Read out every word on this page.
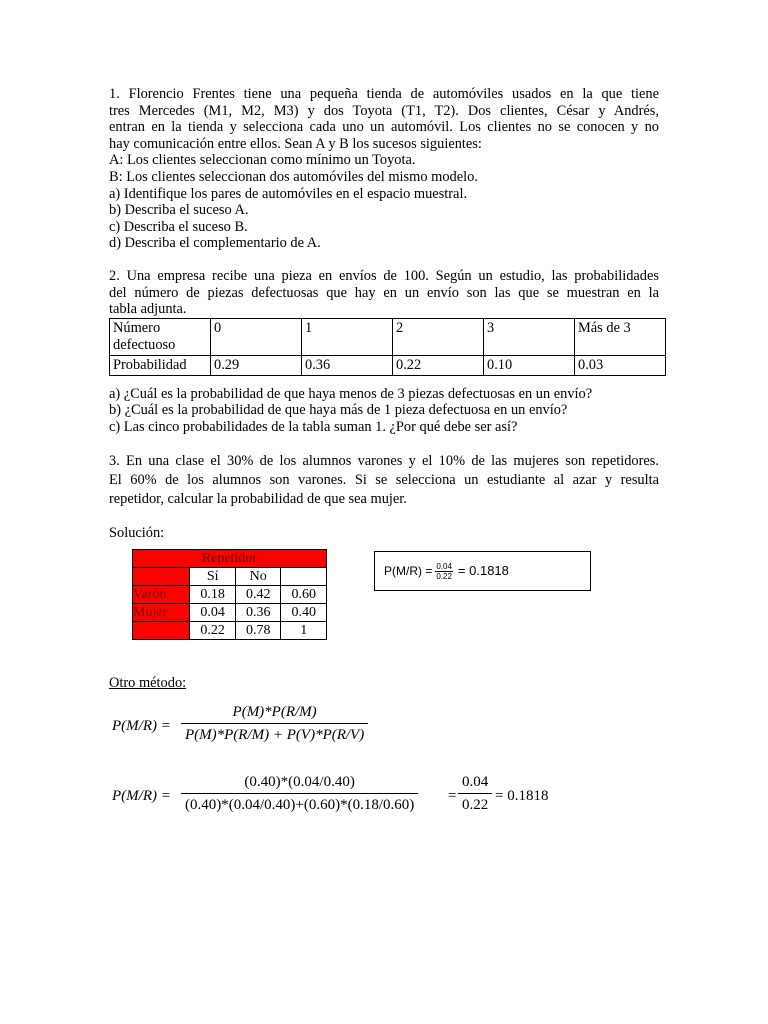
1. Florencio Frentes tiene una pequeña tienda de automóviles usados en la que tiene

tres Mercedes (M1, M2, M3) y dos Toyota (T1, T2). Dos clientes, César y Andrés,

entran en la tienda y selecciona cada uno un automóvil. Los clientes no se conocen y no

hay comunicación entre ellos. Sean A y B los sucesos siguientes:

A: Los clientes seleccionan como mínimo un Toyota.

B: Los clientes seleccionan dos automóviles del mismo modelo.

a) Identifique los pares de automóviles en el espacio muestral.

b) Describa el suceso A.

c) Describa el suceso B.

d) Describa el complementario de A.

2. Una empresa recibe una pieza en envíos de 100. Según un estudio, las probabilidades

del número de piezas defectuosas que hay en un envío son las que se muestran en la

tabla adjunta.

Número defectuoso	0	1	2	3	Más de 3
Probabilidad	0.29	0.36	0.22	0.10	0.03

a) ¿Cuál es la probabilidad de que haya menos de 3 piezas defectuosas en un envío?

b) ¿Cuál es la probabilidad de que haya más de 1 pieza defectuosa en un envío?

c) Las cinco probabilidades de la tabla suman 1. ¿Por qué debe ser así?

3. En una clase el 30% de los alumnos varones y el 10% de las mujeres son repetidores.

El 60% de los alumnos son varones. Si se selecciona un estudiante al azar y resulta

repetidor, calcular la probabilidad de que sea mujer.

Solución:

Repetidor			
	Sí	No	
Varón	0.18	0.42	0.60
Mujer	0.04	0.36	0.40
	0.22	0.78	1
$P(M/R) = \frac{0.04}{0.22} = 0.1818$

Otro método:

$P(M/R) = \frac{P(M)*P(R/M)}{P(M)*P(R/M) + P(V)*P(R/V)}$
$P(M/R) = \frac{(0.40)*(0.04/0.40)}{(0.40)*(0.04/0.40)+(0.60)*(0.18/0.60)} = \frac{0.04}{0.22} = 0.1818$
